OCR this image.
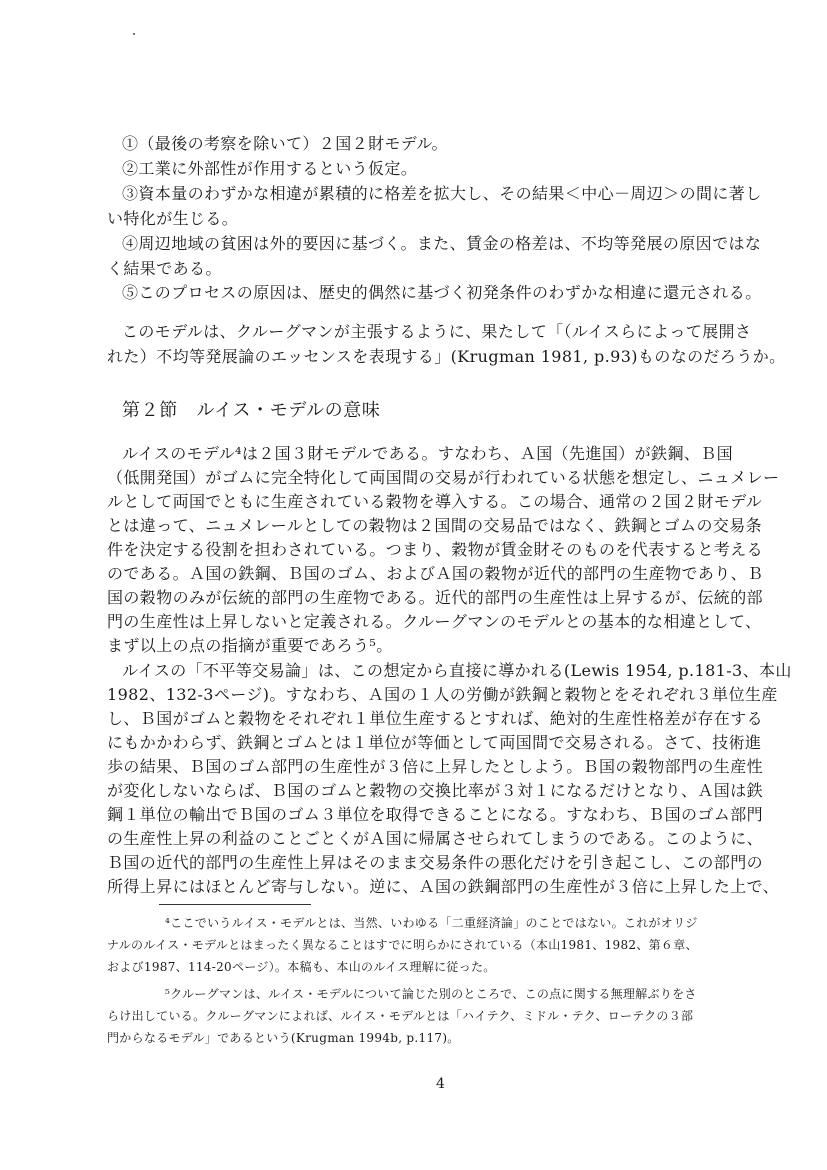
①（最後の考察を除いて）２国２財モデル。
②工業に外部性が作用するという仮定。
③資本量のわずかな相違が累積的に格差を拡大し、その結果＜中心－周辺＞の間に著し
い特化が生じる。
④周辺地域の貧困は外的要因に基づく。また、賃金の格差は、不均等発展の原因ではな
く結果である。
⑤このプロセスの原因は、歴史的偶然に基づく初発条件のわずかな相違に還元される。
このモデルは、クルーグマンが主張するように、果たして「（ルイスらによって展開さ
れた）不均等発展論のエッセンスを表現する」(Krugman 1981, p.93)ものなのだろうか。
第２節　ルイス・モデルの意味
ルイスのモデル⁴は２国３財モデルである。すなわち、Ａ国（先進国）が鉄鋼、Ｂ国
（低開発国）がゴムに完全特化して両国間の交易が行われている状態を想定し、ニュメレー
ルとして両国でともに生産されている穀物を導入する。この場合、通常の２国２財モデル
とは違って、ニュメレールとしての穀物は２国間の交易品ではなく、鉄鋼とゴムの交易条
件を決定する役割を担わされている。つまり、穀物が賃金財そのものを代表すると考える
のである。Ａ国の鉄鋼、Ｂ国のゴム、およびＡ国の穀物が近代的部門の生産物であり、Ｂ
国の穀物のみが伝統的部門の生産物である。近代的部門の生産性は上昇するが、伝統的部
門の生産性は上昇しないと定義される。クルーグマンのモデルとの基本的な相違として、
まず以上の点の指摘が重要であろう⁵。
ルイスの「不平等交易論」は、この想定から直接に導かれる(Lewis 1954, p.181-3、本山
1982、132-3ページ)。すなわち、Ａ国の１人の労働が鉄鋼と穀物とをそれぞれ３単位生産
し、Ｂ国がゴムと穀物をそれぞれ１単位生産するとすれば、絶対的生産性格差が存在する
にもかかわらず、鉄鋼とゴムとは１単位が等価として両国間で交易される。さて、技術進
歩の結果、Ｂ国のゴム部門の生産性が３倍に上昇したとしよう。Ｂ国の穀物部門の生産性
が変化しないならば、Ｂ国のゴムと穀物の交換比率が３対１になるだけとなり、Ａ国は鉄
鋼１単位の輸出でＢ国のゴム３単位を取得できることになる。すなわち、Ｂ国のゴム部門
の生産性上昇の利益のことごとくがＡ国に帰属させられてしまうのである。このように、
Ｂ国の近代的部門の生産性上昇はそのまま交易条件の悪化だけを引き起こし、この部門の
所得上昇にはほとんど寄与しない。逆に、Ａ国の鉄鋼部門の生産性が３倍に上昇した上で、
⁴ここでいうルイス・モデルとは、当然、いわゆる「二重経済論」のことではない。これがオリジ
ナルのルイス・モデルとはまったく異なることはすでに明らかにされている（本山1981、1982、第６章、
および1987、114-20ページ）。本稿も、本山のルイス理解に従った。
⁵クルーグマンは、ルイス・モデルについて論じた別のところで、この点に関する無理解ぶりをさ
らけ出している。クルーグマンによれば、ルイス・モデルとは「ハイテク、ミドル・テク、ローテクの３部
門からなるモデル」であるという(Krugman 1994b, p.117)。
4
